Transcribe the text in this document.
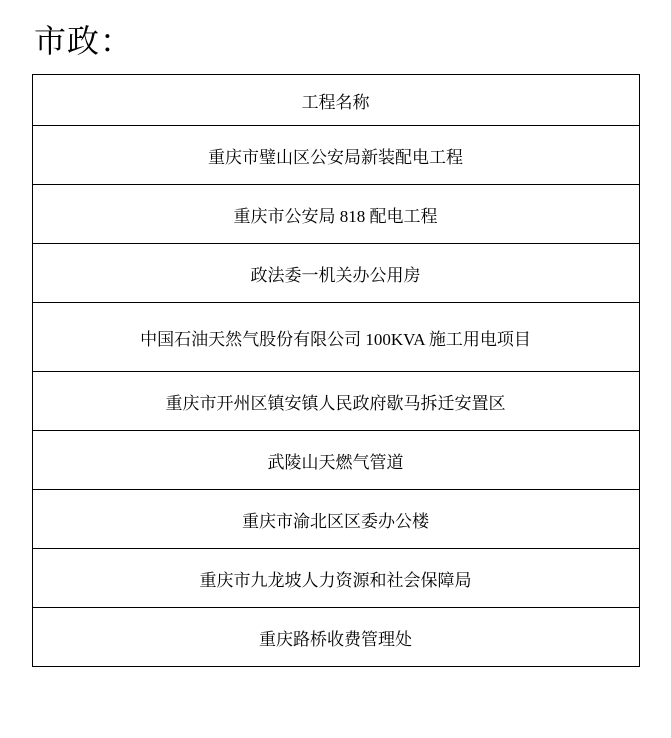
市政：
工程名称
重庆市璧山区公安局新装配电工程
重庆市公安局 818 配电工程
政法委一机关办公用房
中国石油天然气股份有限公司 100KVA 施工用电项目
重庆市开州区镇安镇人民政府歇马拆迁安置区
武陵山天燃气管道
重庆市渝北区区委办公楼
重庆市九龙坡人力资源和社会保障局
重庆路桥收费管理处
